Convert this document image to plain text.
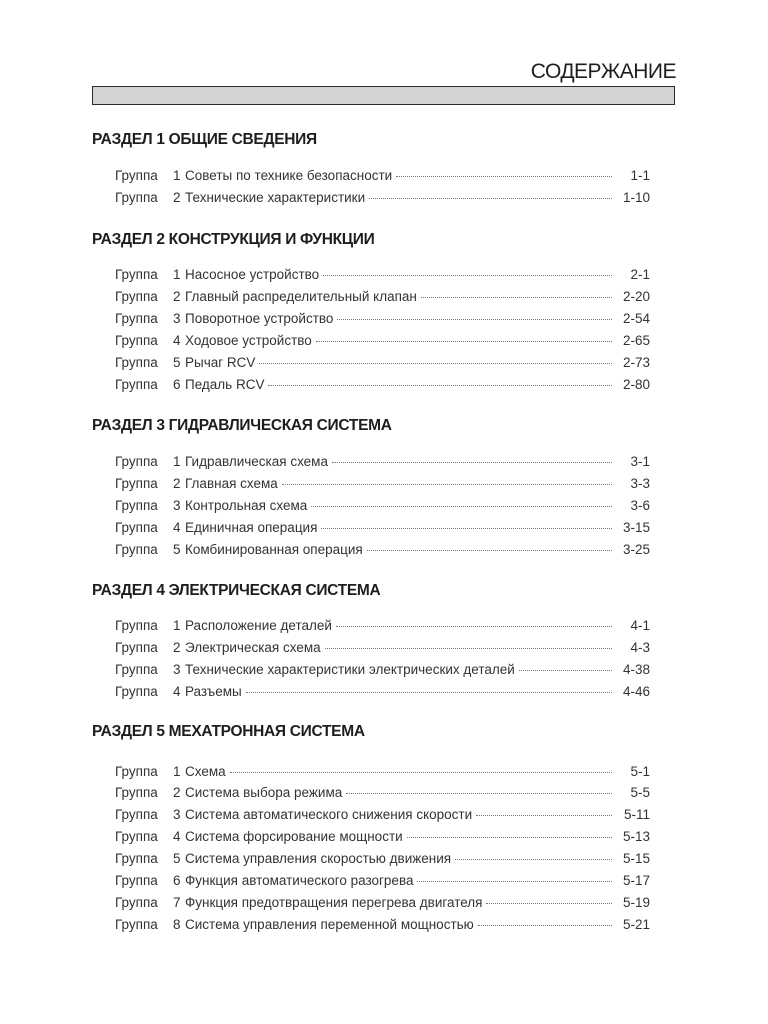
СОДЕРЖАНИЕ
РАЗДЕЛ 1 ОБЩИЕ СВЕДЕНИЯ
Группа	1 Советы по технике безопасности	1-1
Группа	2 Технические характеристики	1-10
РАЗДЕЛ 2 КОНСТРУКЦИЯ И ФУНКЦИИ
Группа	1 Насосное устройство	2-1
Группа	2 Главный распределительный клапан	2-20
Группа	3 Поворотное устройство	2-54
Группа	4 Ходовое устройство	2-65
Группа	5 Рычаг RCV	2-73
Группа	6 Педаль RCV	2-80
РАЗДЕЛ 3 ГИДРАВЛИЧЕСКАЯ СИСТЕМА
Группа	1 Гидравлическая схема	3-1
Группа	2 Главная схема	3-3
Группа	3 Контрольная схема	3-6
Группа	4 Единичная операция	3-15
Группа	5 Комбинированная операция	3-25
РАЗДЕЛ 4 ЭЛЕКТРИЧЕСКАЯ СИСТЕМА
Группа	1 Расположение деталей	4-1
Группа	2 Электрическая схема	4-3
Группа	3 Технические характеристики электрических деталей	4-38
Группа	4 Разъемы	4-46
РАЗДЕЛ 5 МЕХАТРОННАЯ СИСТЕМА
Группа	1 Схема	5-1
Группа	2 Система выбора режима	5-5
Группа	3 Система автоматического снижения скорости	5-11
Группа	4 Система форсирование мощности	5-13
Группа	5 Система управления скоростью движения	5-15
Группа	6 Функция автоматического разогрева	5-17
Группа	7 Функция предотвращения перегрева двигателя	5-19
Группа	8 Система управления переменной мощностью	5-21
